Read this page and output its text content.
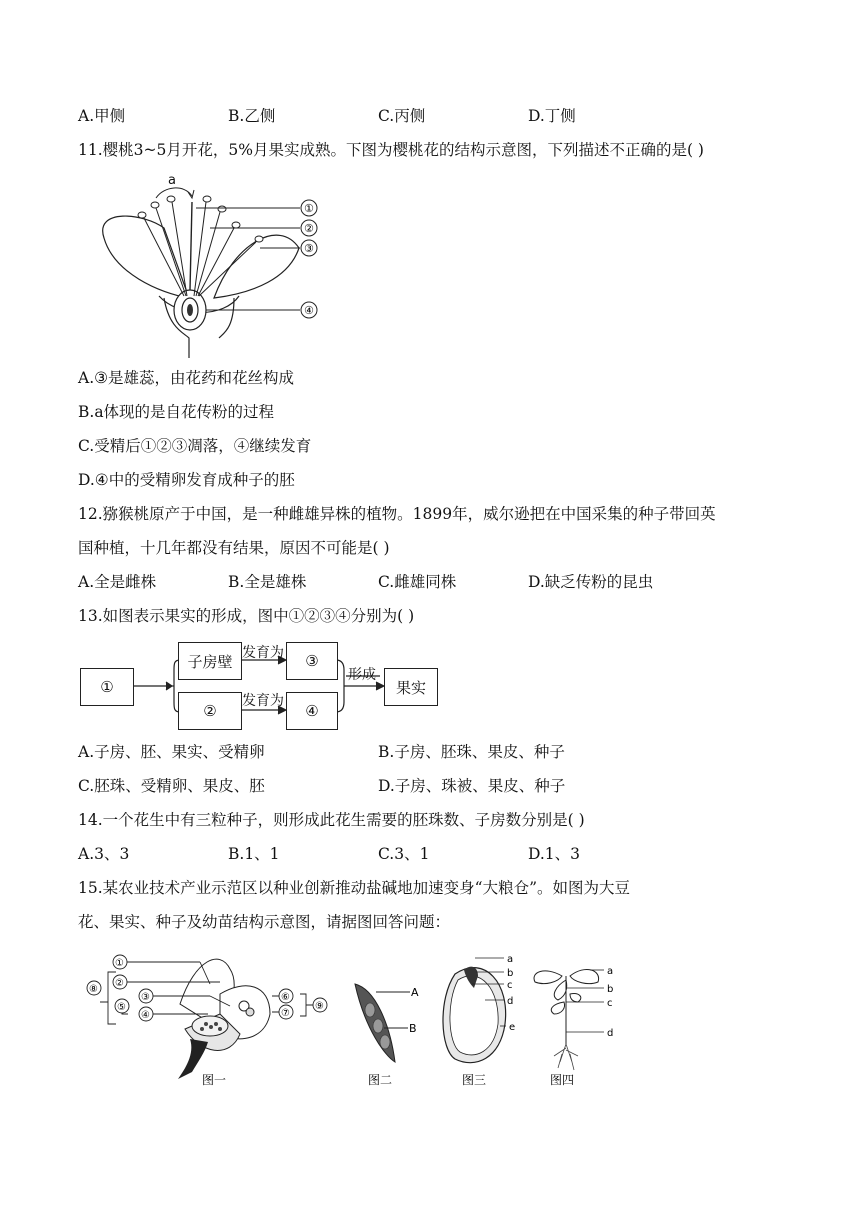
A.甲侧	B.乙侧	C.丙侧	D.丁侧
11.樱桃3~5月开花，5%月果实成熟。下图为樱桃花的结构示意图，下列描述不正确的是( )
a
①
②
③
④
A.③是雄蕊，由花药和花丝构成
B.a体现的是自花传粉的过程
C.受精后①②③凋落，④继续发育
D.④中的受精卵发育成种子的胚
12.猕猴桃原产于中国，是一种雌雄异株的植物。1899年，威尔逊把在中国采集的种子带回英
国种植，十几年都没有结果，原因不可能是( )
A.全是雌株	B.全是雄株	C.雌雄同株	D.缺乏传粉的昆虫
13.如图表示果实的形成，图中①②③④分别为( )
①
子房壁
②
发育为
发育为
③
④
形成
果实
A.子房、胚、果实、受精卵	B.子房、胚珠、果皮、种子
C.胚珠、受精卵、果皮、胚	D.子房、珠被、果皮、种子
14.一个花生中有三粒种子，则形成此花生需要的胚珠数、子房数分别是( )
A.3、3	B.1、1	C.3、1	D.1、3
15.某农业技术产业示范区以种业创新推动盐碱地加速变身“大粮仓”。如图为大豆
花、果实、种子及幼苗结构示意图，请据图回答问题：
①
②
③
④
⑤
⑥
⑦
⑧
⑨
图一
A
B
图二
a
b
c
d
e
图三
a
b
c
d
图四
